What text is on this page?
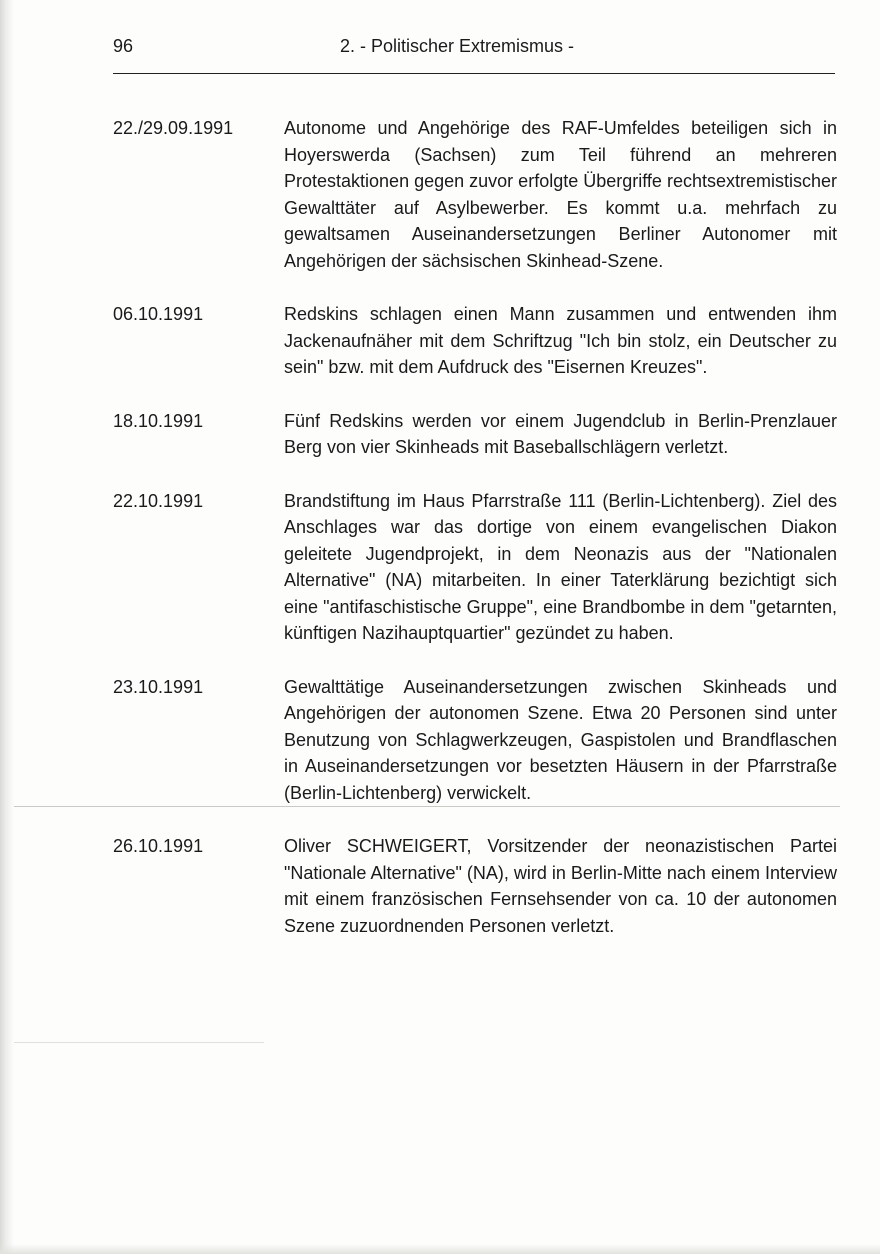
96	2. - Politischer Extremismus -
22./29.09.1991	Autonome und Angehörige des RAF-Umfeldes beteiligen sich in Hoyerswerda (Sachsen) zum Teil führend an mehreren Protestaktionen gegen zuvor erfolgte Übergriffe rechtsextremistischer Gewalttäter auf Asylbewerber. Es kommt u.a. mehrfach zu gewaltsamen Auseinandersetzungen Berliner Autonomer mit Angehörigen der sächsischen Skinhead-Szene.
06.10.1991	Redskins schlagen einen Mann zusammen und entwenden ihm Jackenaufnäher mit dem Schriftzug "Ich bin stolz, ein Deutscher zu sein" bzw. mit dem Aufdruck des "Eisernen Kreuzes".
18.10.1991	Fünf Redskins werden vor einem Jugendclub in Berlin-Prenzlauer Berg von vier Skinheads mit Baseballschlägern verletzt.
22.10.1991	Brandstiftung im Haus Pfarrstraße 111 (Berlin-Lichtenberg). Ziel des Anschlages war das dortige von einem evangelischen Diakon geleitete Jugendprojekt, in dem Neonazis aus der "Nationalen Alternative" (NA) mitarbeiten. In einer Taterklärung bezichtigt sich eine "antifaschistische Gruppe", eine Brandbombe in dem "getarnten, künftigen Nazihauptquartier" gezündet zu haben.
23.10.1991	Gewalttätige Auseinandersetzungen zwischen Skinheads und Angehörigen der autonomen Szene. Etwa 20 Personen sind unter Benutzung von Schlagwerkzeugen, Gaspistolen und Brandflaschen in Auseinandersetzungen vor besetzten Häusern in der Pfarrstraße (Berlin-Lichtenberg) verwickelt.
26.10.1991	Oliver SCHWEIGERT, Vorsitzender der neonazistischen Partei "Nationale Alternative" (NA), wird in Berlin-Mitte nach einem Interview mit einem französischen Fernsehsender von ca. 10 der autonomen Szene zuzuordnenden Personen verletzt.
